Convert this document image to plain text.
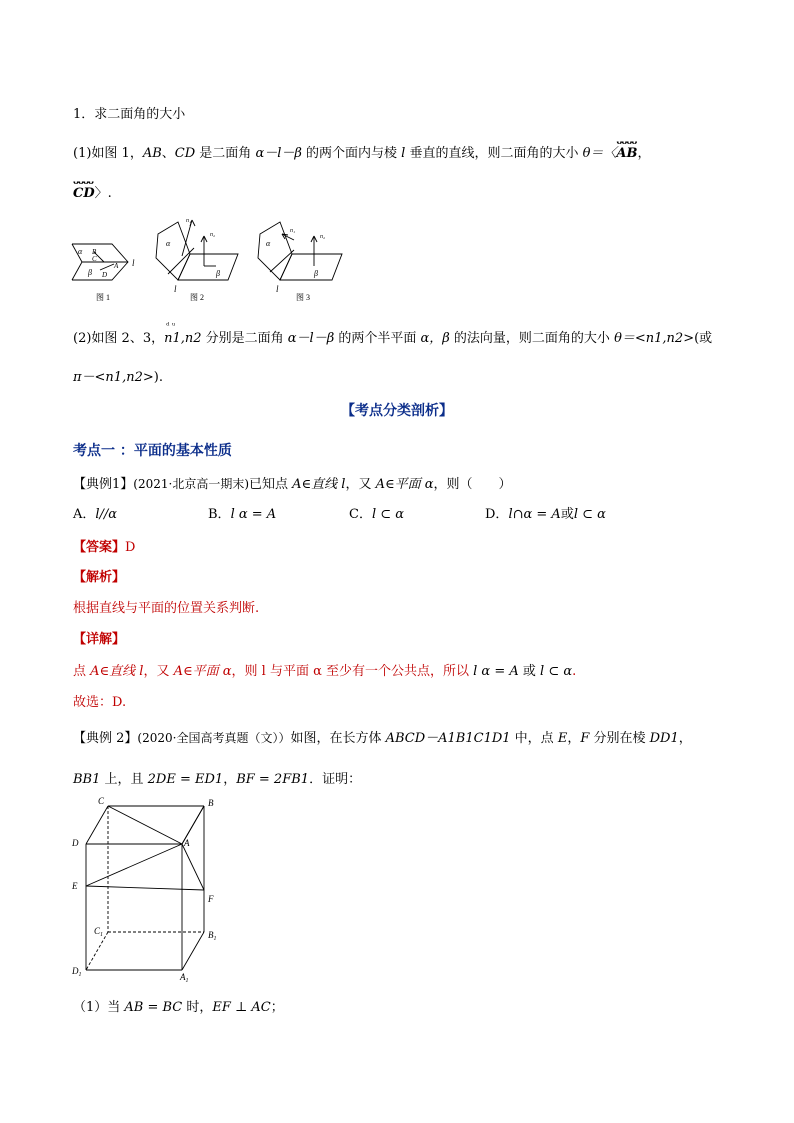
1．求二面角的大小
(1)如图 1，AB、CD 是二面角 α－l－β 的两个面内与棱 l 垂直的直线，则二面角的大小 θ＝〈
ᴗᴗᴗᴗ
AB，
ᴗᴗᴗᴗ
CD〉.
α B
C
A
β D
l
图 1
α
n₁
n₂
β
l
图 2
α
n₁
n₂
β
l
图 3
(2)如图 2、3，
ᵈ ᵘ
n1,n2 分别是二面角 α－l－β 的两个半平面 α，β 的法向量，则二面角的大小 θ＝<n1,n2>(或
π－<n1,n2>).
【考点分类剖析】
考点一 ：平面的基本性质
【典例1】(2021·北京高一期末)已知点 A∈直线 l，又 A∈平面 α，则（　　）
A．l//α	B．l α = A	C．l ⊂ α	D．l∩α = A或l ⊂ α
【答案】D
【解析】
根据直线与平面的位置关系判断.
【详解】
点 A∈直线 l，又 A∈平面 α，则 l 与平面 α 至少有一个公共点，所以 l α = A 或 l ⊂ α.
故选：D.
【典例 2】(2020·全国高考真题（文））如图，在长方体 ABCD－A1B1C1D1 中，点 E，F 分别在棱 DD1，
BB1 上，且 2DE = ED1，BF = 2FB1．证明：
C	B
D	A
E
F
$C_1$	$B_1$
$D_1$	$A_1$
（1）当 AB = BC 时，EF ⊥ AC；
